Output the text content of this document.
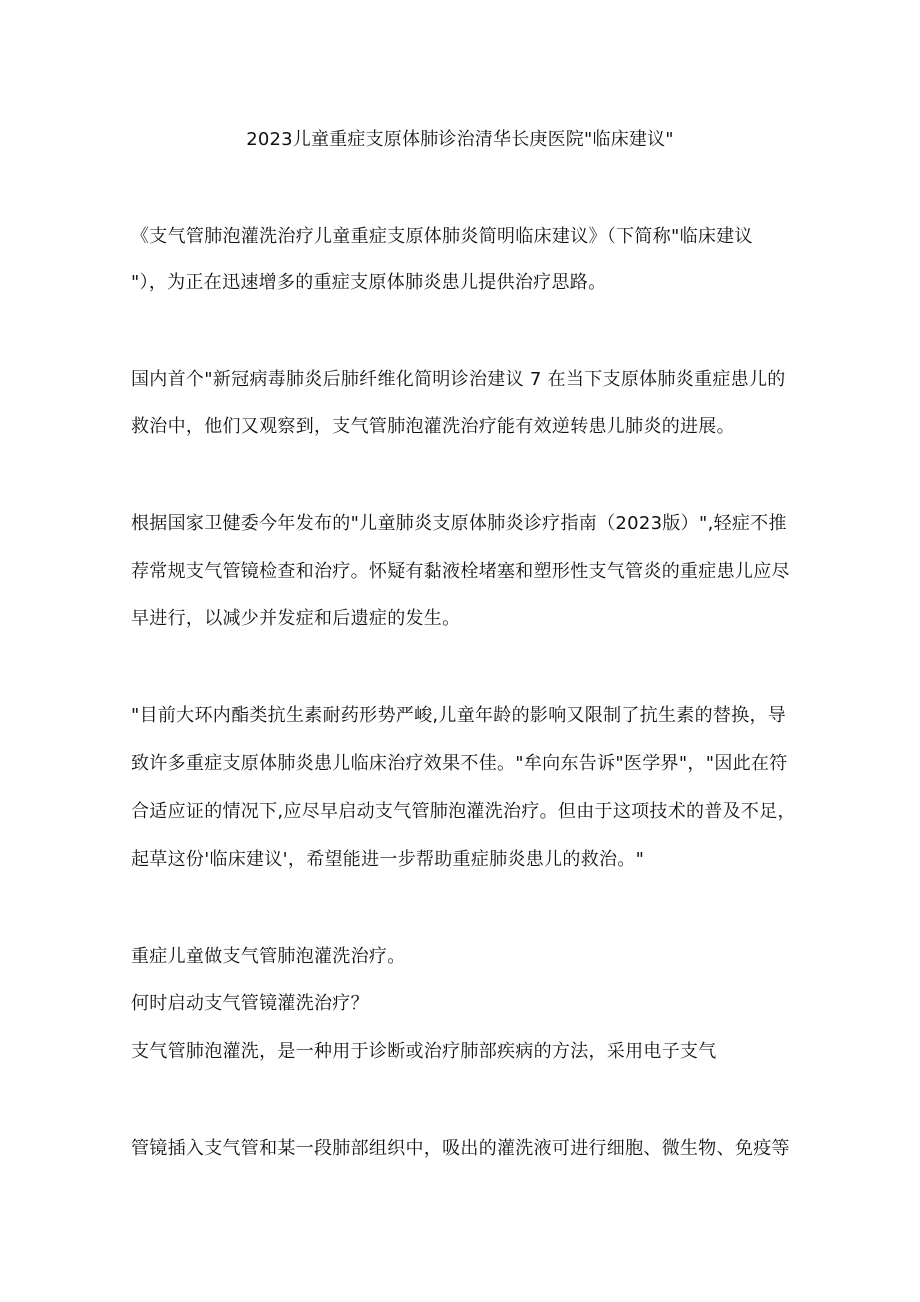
2023儿童重症支原体肺诊治清华长庚医院"临床建议"
《支气管肺泡灌洗治疗儿童重症支原体肺炎简明临床建议》（下简称"临床建议
"），为正在迅速增多的重症支原体肺炎患儿提供治疗思路。
国内首个"新冠病毒肺炎后肺纤维化简明诊治建议 7 在当下支原体肺炎重症患儿的
救治中，他们又观察到，支气管肺泡灌洗治疗能有效逆转患儿肺炎的进展。
根据国家卫健委今年发布的"儿童肺炎支原体肺炎诊疗指南（2023版）",轻症不推
荐常规支气管镜检查和治疗。怀疑有黏液栓堵塞和塑形性支气管炎的重症患儿应尽
早进行，以减少并发症和后遗症的发生。
"目前大环内酯类抗生素耐药形势严峻,儿童年龄的影响又限制了抗生素的替换，导
致许多重症支原体肺炎患儿临床治疗效果不佳。"牟向东告诉"医学界"，"因此在符
合适应证的情况下,应尽早启动支气管肺泡灌洗治疗。但由于这项技术的普及不足，
起草这份'临床建议'，希望能进一步帮助重症肺炎患儿的救治。"
重症儿童做支气管肺泡灌洗治疗。
何时启动支气管镜灌洗治疗？
支气管肺泡灌洗，是一种用于诊断或治疗肺部疾病的方法，采用电子支气
管镜插入支气管和某一段肺部组织中，吸出的灌洗液可进行细胞、微生物、免疫等
